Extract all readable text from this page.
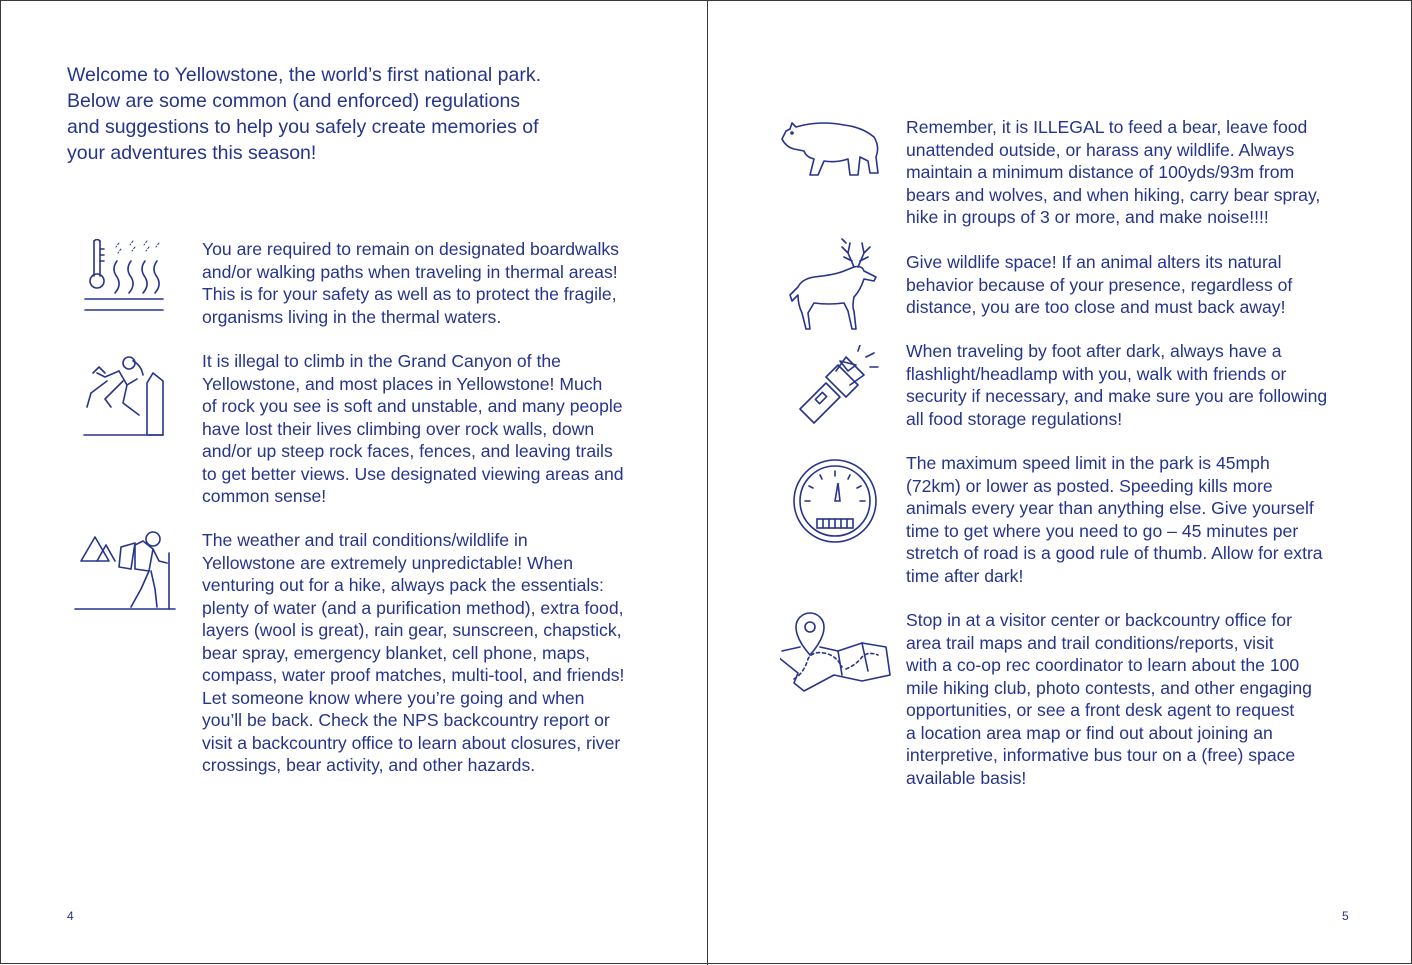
Welcome to Yellowstone, the world’s first national park.
Below are some common (and enforced) regulations
and suggestions to help you safely create memories of
your adventures this season!
You are required to remain on designated boardwalks
and/or walking paths when traveling in thermal areas!
This is for your safety as well as to protect the fragile,
organisms living in the thermal waters.
It is illegal to climb in the Grand Canyon of the
Yellowstone, and most places in Yellowstone! Much
of rock you see is soft and unstable, and many people
have lost their lives climbing over rock walls, down
and/or up steep rock faces, fences, and leaving trails
to get better views. Use designated viewing areas and
common sense!
The weather and trail conditions/wildlife in
Yellowstone are extremely unpredictable! When
venturing out for a hike, always pack the essentials:
plenty of water (and a purification method), extra food,
layers (wool is great), rain gear, sunscreen, chapstick,
bear spray, emergency blanket, cell phone, maps,
compass, water proof matches, multi-tool, and friends!
Let someone know where you’re going and when
you’ll be back. Check the NPS backcountry report or
visit a backcountry office to learn about closures, river
crossings, bear activity, and other hazards.
4
Remember, it is ILLEGAL to feed a bear, leave food
unattended outside, or harass any wildlife. Always
maintain a minimum distance of 100yds/93m from
bears and wolves, and when hiking, carry bear spray,
hike in groups of 3 or more, and make noise!!!!
Give wildlife space! If an animal alters its natural
behavior because of your presence, regardless of
distance, you are too close and must back away!
When traveling by foot after dark, always have a
flashlight/headlamp with you, walk with friends or
security if necessary, and make sure you are following
all food storage regulations!
The maximum speed limit in the park is 45mph
(72km) or lower as posted. Speeding kills more
animals every year than anything else. Give yourself
time to get where you need to go – 45 minutes per
stretch of road is a good rule of thumb. Allow for extra
time after dark!
Stop in at a visitor center or backcountry office for
area trail maps and trail conditions/reports, visit
with a co-op rec coordinator to learn about the 100
mile hiking club, photo contests, and other engaging
opportunities, or see a front desk agent to request
a location area map or find out about joining an
interpretive, informative bus tour on a (free) space
available basis!
5
